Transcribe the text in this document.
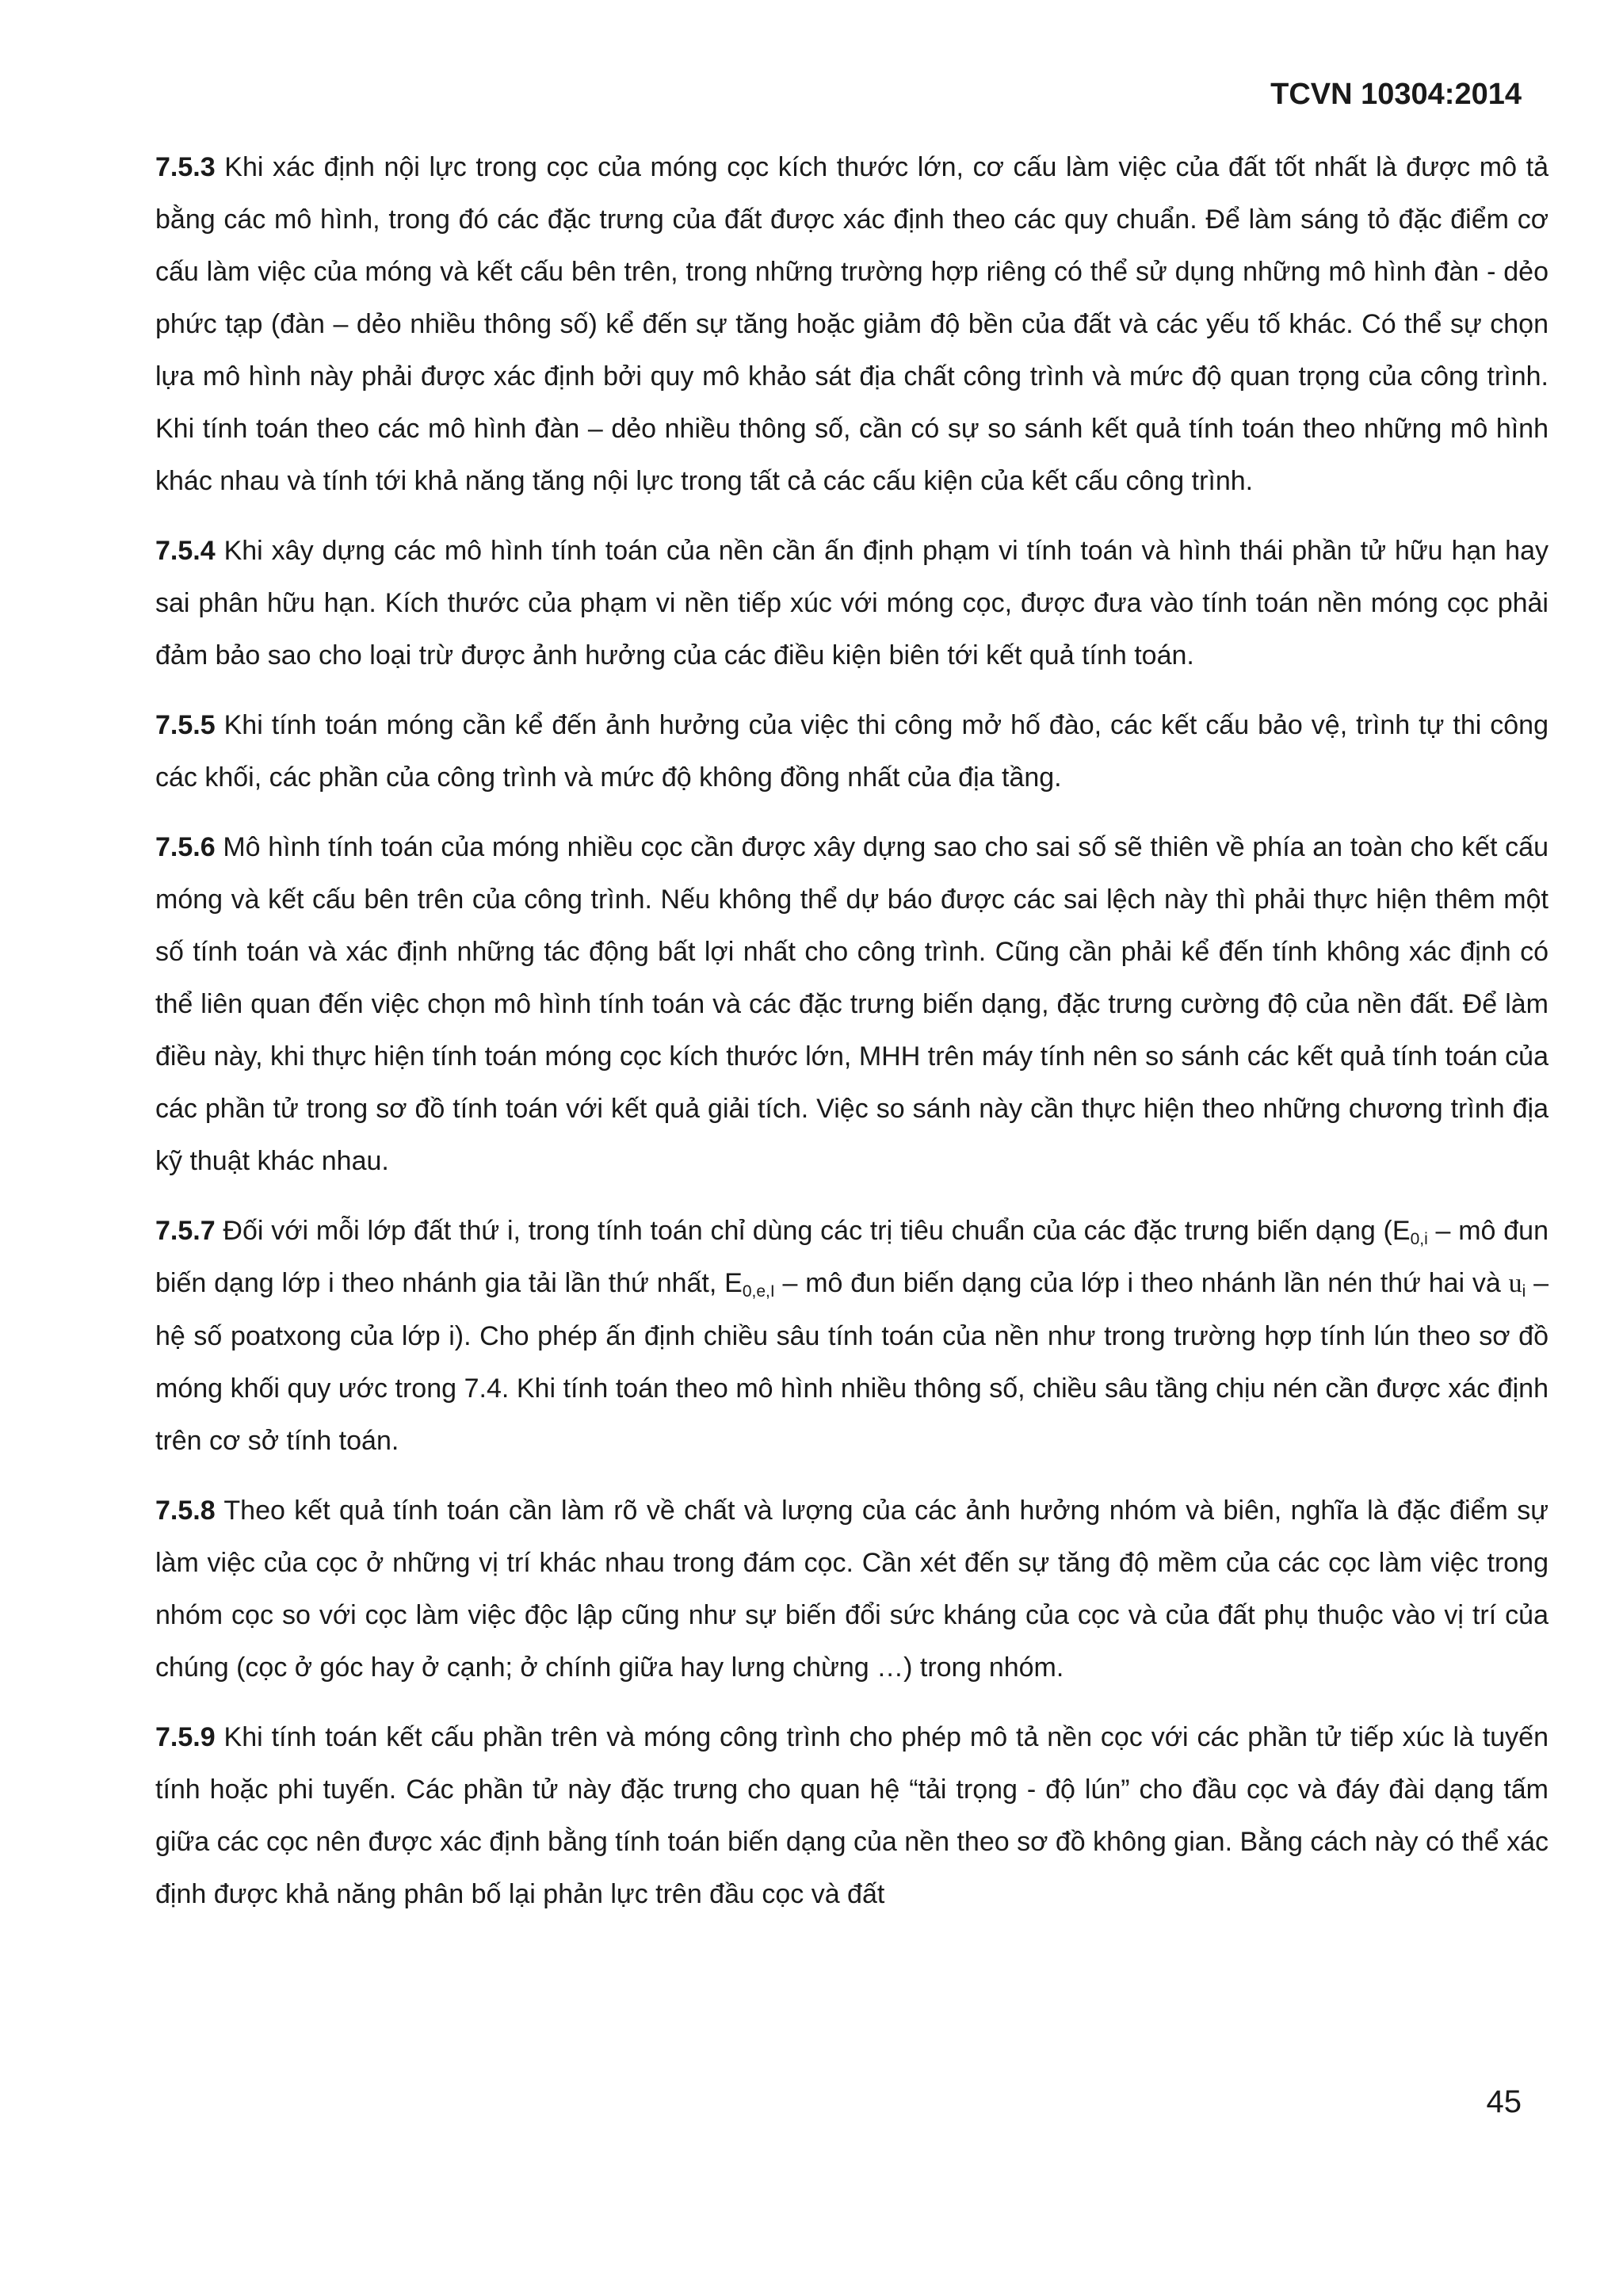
TCVN 10304:2014

7.5.3 Khi xác định nội lực trong cọc của móng cọc kích thước lớn, cơ cấu làm việc của đất tốt nhất là được mô tả bằng các mô hình, trong đó các đặc trưng của đất được xác định theo các quy chuẩn. Để làm sáng tỏ đặc điểm cơ cấu làm việc của móng và kết cấu bên trên, trong những trường hợp riêng có thể sử dụng những mô hình đàn - dẻo phức tạp (đàn – dẻo nhiều thông số) kể đến sự tăng hoặc giảm độ bền của đất và các yếu tố khác. Có thể sự chọn lựa mô hình này phải được xác định bởi quy mô khảo sát địa chất công trình và mức độ quan trọng của công trình. Khi tính toán theo các mô hình đàn – dẻo nhiều thông số, cần có sự so sánh kết quả tính toán theo những mô hình khác nhau và tính tới khả năng tăng nội lực trong tất cả các cấu kiện của kết cấu công trình.

7.5.4 Khi xây dựng các mô hình tính toán của nền cần ấn định phạm vi tính toán và hình thái phần tử hữu hạn hay sai phân hữu hạn. Kích thước của phạm vi nền tiếp xúc với móng cọc, được đưa vào tính toán nền móng cọc phải đảm bảo sao cho loại trừ được ảnh hưởng của các điều kiện biên tới kết quả tính toán.

7.5.5 Khi tính toán móng cần kể đến ảnh hưởng của việc thi công mở hố đào, các kết cấu bảo vệ, trình tự thi công các khối, các phần của công trình và mức độ không đồng nhất của địa tầng.

7.5.6 Mô hình tính toán của móng nhiều cọc cần được xây dựng sao cho sai số sẽ thiên về phía an toàn cho kết cấu móng và kết cấu bên trên của công trình. Nếu không thể dự báo được các sai lệch này thì phải thực hiện thêm một số tính toán và xác định những tác động bất lợi nhất cho công trình. Cũng cần phải kể đến tính không xác định có thể liên quan đến việc chọn mô hình tính toán và các đặc trưng biến dạng, đặc trưng cường độ của nền đất. Để làm điều này, khi thực hiện tính toán móng cọc kích thước lớn, MHH trên máy tính nên so sánh các kết quả tính toán của các phần tử trong sơ đồ tính toán với kết quả giải tích. Việc so sánh này cần thực hiện theo những chương trình địa kỹ thuật khác nhau.

7.5.7 Đối với mỗi lớp đất thứ i, trong tính toán chỉ dùng các trị tiêu chuẩn của các đặc trưng biến dạng ($E_{0,i}$ – mô đun biến dạng lớp i theo nhánh gia tải lần thứ nhất, $E_{0,e,I}$ – mô đun biến dạng của lớp i theo nhánh lần nén thứ hai và $u_i$ – hệ số poatxong của lớp i). Cho phép ấn định chiều sâu tính toán của nền như trong trường hợp tính lún theo sơ đồ móng khối quy ước trong 7.4. Khi tính toán theo mô hình nhiều thông số, chiều sâu tầng chịu nén cần được xác định trên cơ sở tính toán.

7.5.8 Theo kết quả tính toán cần làm rõ về chất và lượng của các ảnh hưởng nhóm và biên, nghĩa là đặc điểm sự làm việc của cọc ở những vị trí khác nhau trong đám cọc. Cần xét đến sự tăng độ mềm của các cọc làm việc trong nhóm cọc so với cọc làm việc độc lập cũng như sự biến đổi sức kháng của cọc và của đất phụ thuộc vào vị trí của chúng (cọc ở góc hay ở cạnh; ở chính giữa hay lưng chừng …) trong nhóm.

7.5.9 Khi tính toán kết cấu phần trên và móng công trình cho phép mô tả nền cọc với các phần tử tiếp xúc là tuyến tính hoặc phi tuyến. Các phần tử này đặc trưng cho quan hệ “tải trọng - độ lún” cho đầu cọc và đáy đài dạng tấm giữa các cọc nên được xác định bằng tính toán biến dạng của nền theo sơ đồ không gian. Bằng cách này có thể xác định được khả năng phân bố lại phản lực trên đầu cọc và đất

45
